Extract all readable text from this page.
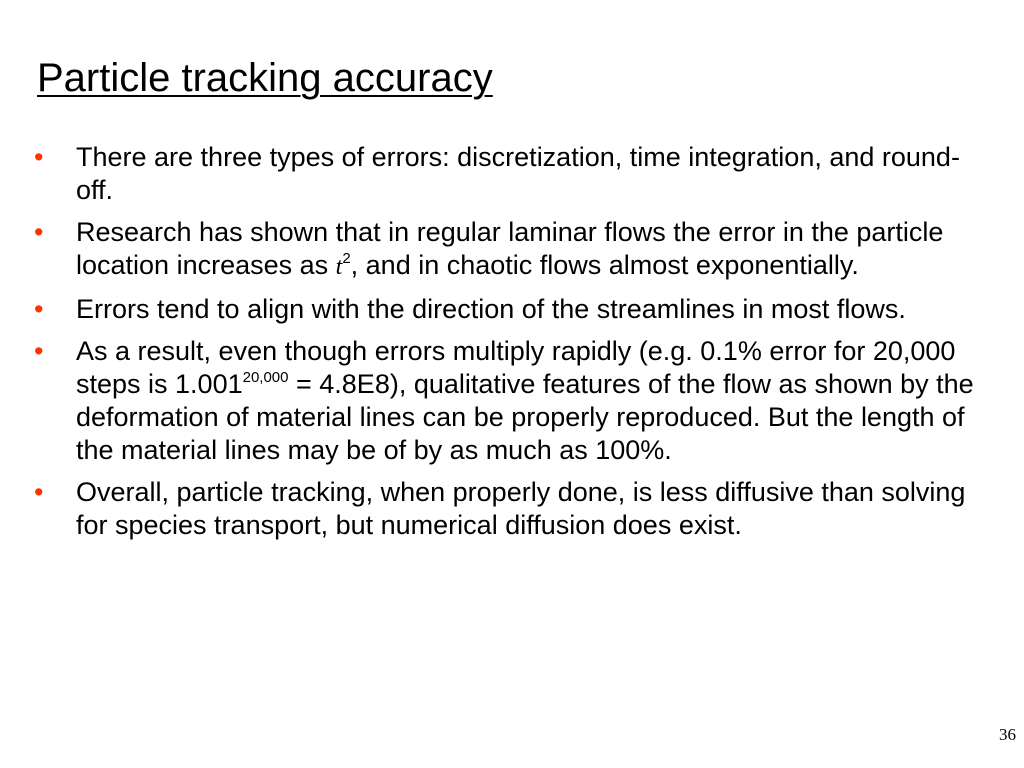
Particle tracking accuracy
• There are three types of errors: discretization, time integration, and round-off.
• Research has shown that in regular laminar flows the error in the particle location increases as $t^2$, and in chaotic flows almost exponentially.
• Errors tend to align with the direction of the streamlines in most flows.
• As a result, even though errors multiply rapidly (e.g. 0.1% error for 20,000 steps is $1.001^{20,000} = 4.8E8$), qualitative features of the flow as shown by the deformation of material lines can be properly reproduced. But the length of the material lines may be of by as much as 100%.
• Overall, particle tracking, when properly done, is less diffusive than solving for species transport, but numerical diffusion does exist.
36
